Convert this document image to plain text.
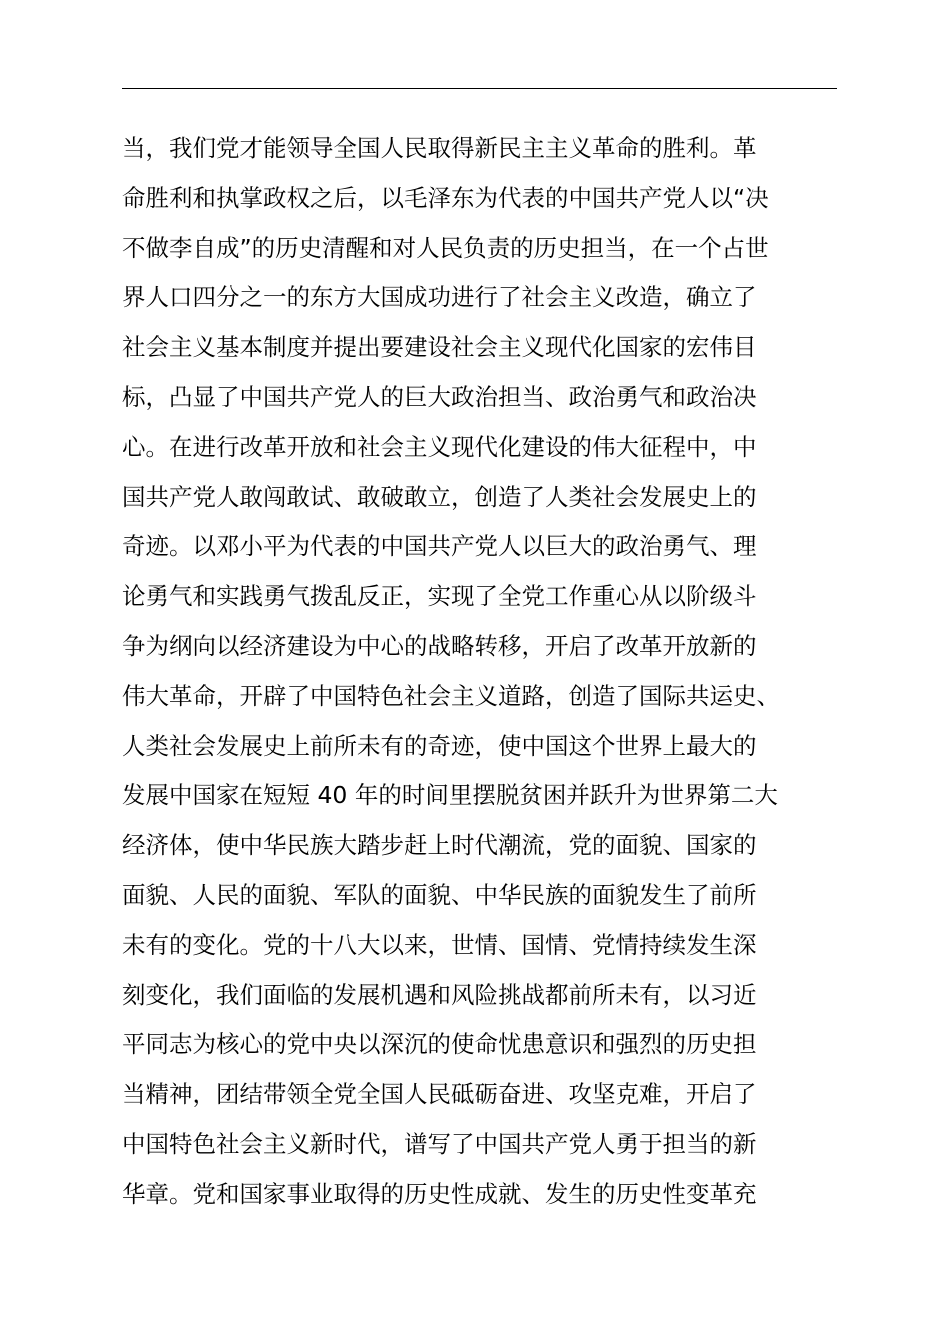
当，我们党才能领导全国人民取得新民主主义革命的胜利。革
命胜利和执掌政权之后，以毛泽东为代表的中国共产党人以“决
不做李自成”的历史清醒和对人民负责的历史担当，在一个占世
界人口四分之一的东方大国成功进行了社会主义改造，确立了
社会主义基本制度并提出要建设社会主义现代化国家的宏伟目
标，凸显了中国共产党人的巨大政治担当、政治勇气和政治决
心。在进行改革开放和社会主义现代化建设的伟大征程中，中
国共产党人敢闯敢试、敢破敢立，创造了人类社会发展史上的
奇迹。以邓小平为代表的中国共产党人以巨大的政治勇气、理
论勇气和实践勇气拨乱反正，实现了全党工作重心从以阶级斗
争为纲向以经济建设为中心的战略转移，开启了改革开放新的
伟大革命，开辟了中国特色社会主义道路，创造了国际共运史、
人类社会发展史上前所未有的奇迹，使中国这个世界上最大的
发展中国家在短短 40 年的时间里摆脱贫困并跃升为世界第二大
经济体，使中华民族大踏步赶上时代潮流，党的面貌、国家的
面貌、人民的面貌、军队的面貌、中华民族的面貌发生了前所
未有的变化。党的十八大以来，世情、国情、党情持续发生深
刻变化，我们面临的发展机遇和风险挑战都前所未有，以习近
平同志为核心的党中央以深沉的使命忧患意识和强烈的历史担
当精神，团结带领全党全国人民砥砺奋进、攻坚克难，开启了
中国特色社会主义新时代，谱写了中国共产党人勇于担当的新
华章。党和国家事业取得的历史性成就、发生的历史性变革充
